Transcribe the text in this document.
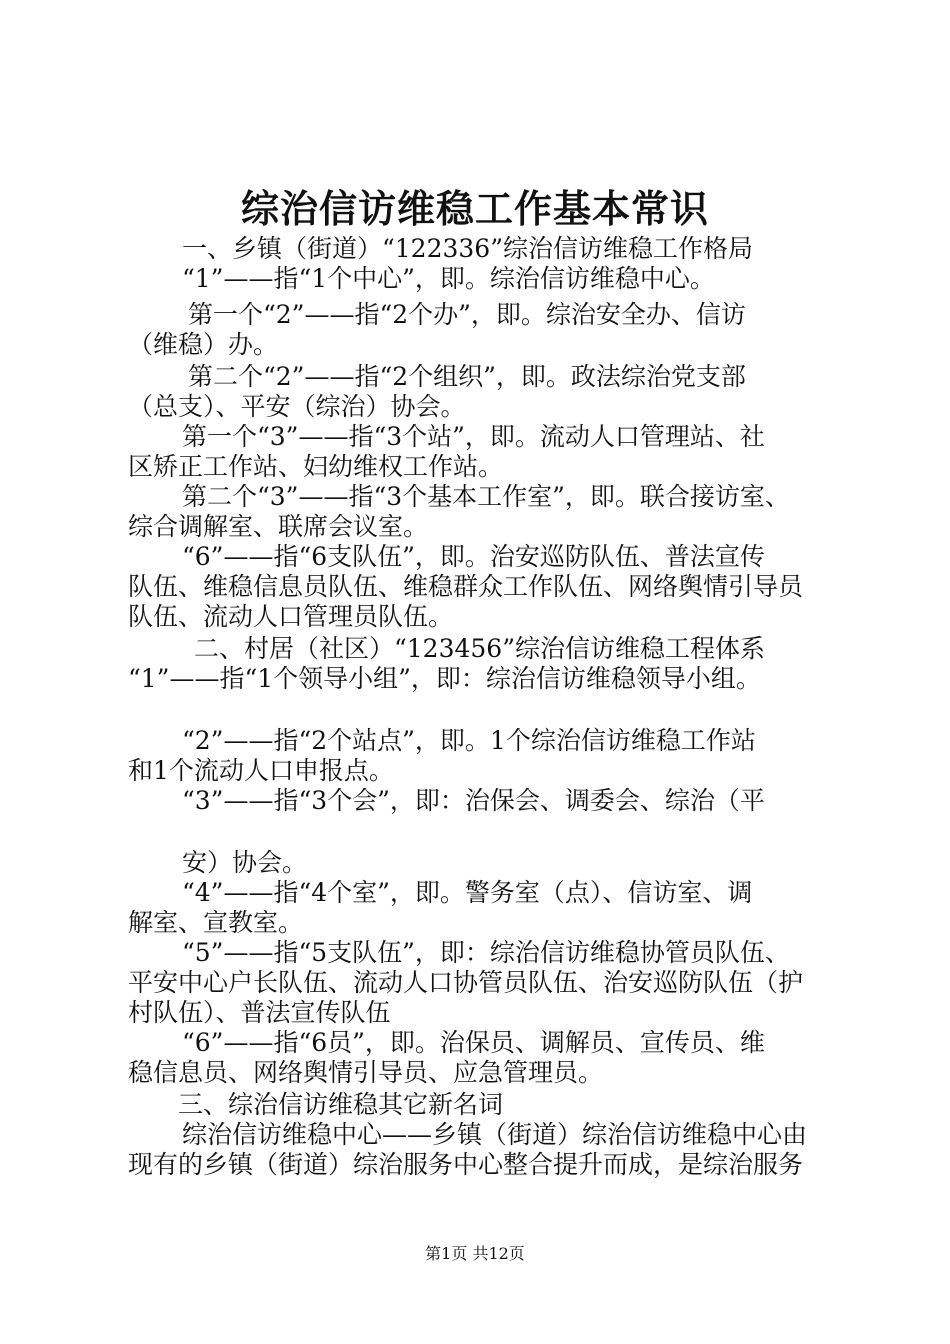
综治信访维稳工作基本常识
一、乡镇（街道）“122336”综治信访维稳工作格局
“1”——指“1个中心”，即。综治信访维稳中心。
第一个“2”——指“2个办”，即。综治安全办、信访
（维稳）办。
第二个“2”——指“2个组织”，即。政法综治党支部
（总支）、平安（综治）协会。
第一个“3”——指“3个站”，即。流动人口管理站、社
区矫正工作站、妇幼维权工作站。
第二个“3”——指“3个基本工作室”，即。联合接访室、
综合调解室、联席会议室。
“6”——指“6支队伍”，即。治安巡防队伍、普法宣传
队伍、维稳信息员队伍、维稳群众工作队伍、网络舆情引导员
队伍、流动人口管理员队伍。
二、村居（社区）“123456”综治信访维稳工程体系
“1”——指“1个领导小组”，即：综治信访维稳领导小组。
“2”——指“2个站点”，即。1个综治信访维稳工作站
和1个流动人口申报点。
“3”——指“3个会”，即：治保会、调委会、综治（平
安）协会。
“4”——指“4个室”，即。警务室（点）、信访室、调
解室、宣教室。
“5”——指“5支队伍”，即：综治信访维稳协管员队伍、
平安中心户长队伍、流动人口协管员队伍、治安巡防队伍（护
村队伍）、普法宣传队伍
“6”——指“6员”，即。治保员、调解员、宣传员、维
稳信息员、网络舆情引导员、应急管理员。
三、综治信访维稳其它新名词
综治信访维稳中心——乡镇（街道）综治信访维稳中心由
现有的乡镇（街道）综治服务中心整合提升而成，是综治服务
第1页 共12页
